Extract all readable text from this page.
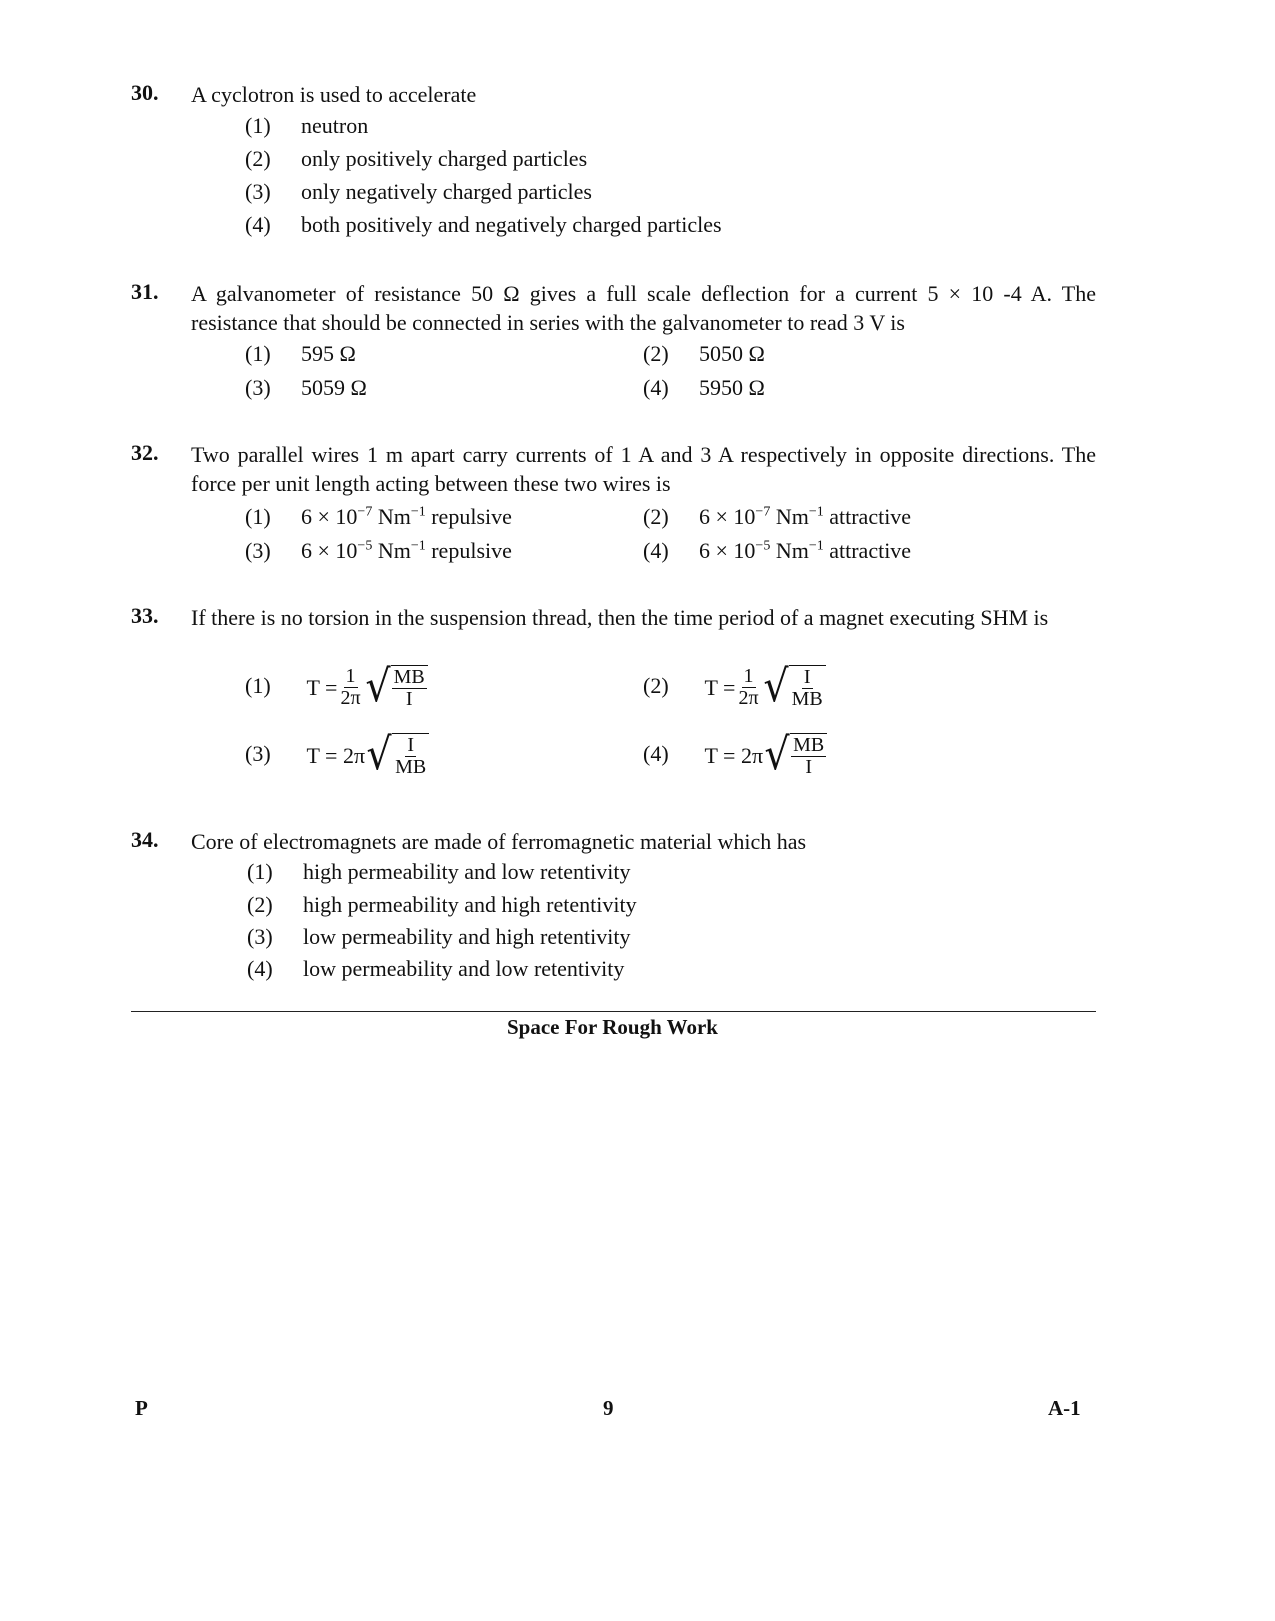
30. A cyclotron is used to accelerate
(1) neutron
(2) only positively charged particles
(3) only negatively charged particles
(4) both positively and negatively charged particles
31. A galvanometer of resistance 50 Ω gives a full scale deflection for a current 5 × 10 -4 A. The resistance that should be connected in series with the galvanometer to read 3 V is
(1) 595 Ω	(2) 5050 Ω
(3) 5059 Ω	(4) 5950 Ω
32. Two parallel wires 1 m apart carry currents of 1 A and 3 A respectively in opposite directions. The force per unit length acting between these two wires is
(1) $6 \times 10^{-7}$ $Nm^{-1}$ repulsive	(2) $6 \times 10^{-7}$ $Nm^{-1}$ attractive
(3) $6 \times 10^{-5}$ $Nm^{-1}$ repulsive	(4) $6 \times 10^{-5}$ $Nm^{-1}$ attractive
33. If there is no torsion in the suspension thread, then the time period of a magnet executing SHM is
(1) $T = \frac{1}{2\pi}$ √ $\frac{MB}{I}$	(2) $T = \frac{1}{2\pi}$ √ $\frac{I}{MB}$
(3) T = 2π √ $\frac{I}{MB}$	(4) T = 2π √ $\frac{MB}{I}$
34. Core of electromagnets are made of ferromagnetic material which has
(1) high permeability and low retentivity
(2) high permeability and high retentivity
(3) low permeability and high retentivity
(4) low permeability and low retentivity
Space For Rough Work
P	9	A-1
